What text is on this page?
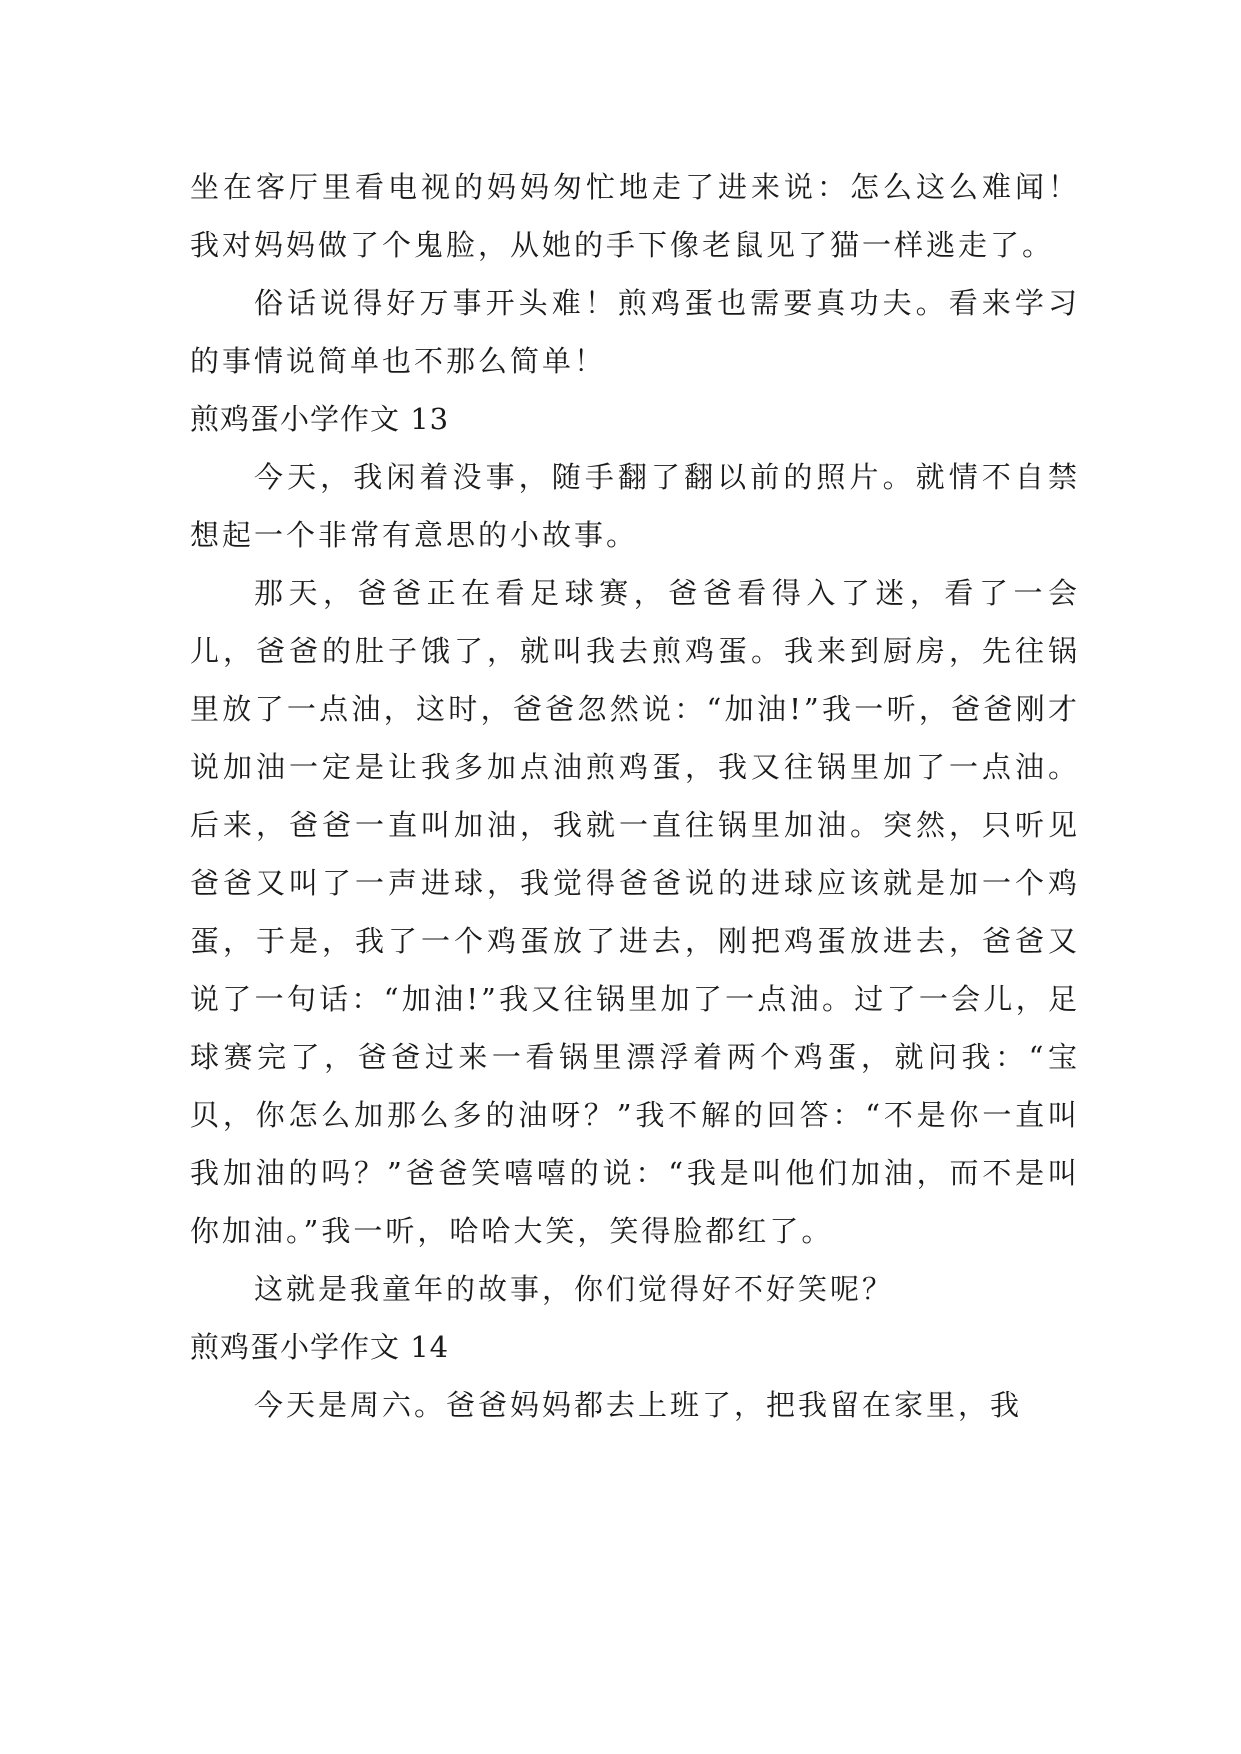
坐在客厅里看电视的妈妈匆忙地走了进来说：怎么这么难闻！我对妈妈做了个鬼脸，从她的手下像老鼠见了猫一样逃走了。

俗话说得好万事开头难！煎鸡蛋也需要真功夫。看来学习的事情说简单也不那么简单！

煎鸡蛋小学作文 13

今天，我闲着没事，随手翻了翻以前的照片。就情不自禁想起一个非常有意思的小故事。

那天，爸爸正在看足球赛，爸爸看得入了迷，看了一会儿，爸爸的肚子饿了，就叫我去煎鸡蛋。我来到厨房，先往锅里放了一点油，这时，爸爸忽然说：“加油!”我一听，爸爸刚才说加油一定是让我多加点油煎鸡蛋，我又往锅里加了一点油。后来，爸爸一直叫加油，我就一直往锅里加油。突然，只听见爸爸又叫了一声进球，我觉得爸爸说的进球应该就是加一个鸡蛋，于是，我了一个鸡蛋放了进去，刚把鸡蛋放进去，爸爸又说了一句话：“加油!”我又往锅里加了一点油。过了一会儿，足球赛完了，爸爸过来一看锅里漂浮着两个鸡蛋，就问我：“宝贝，你怎么加那么多的油呀？”我不解的回答：“不是你一直叫我加油的吗？”爸爸笑嘻嘻的说：“我是叫他们加油，而不是叫你加油。”我一听，哈哈大笑，笑得脸都红了。

这就是我童年的故事，你们觉得好不好笑呢？

煎鸡蛋小学作文 14

今天是周六。爸爸妈妈都去上班了，把我留在家里，我
